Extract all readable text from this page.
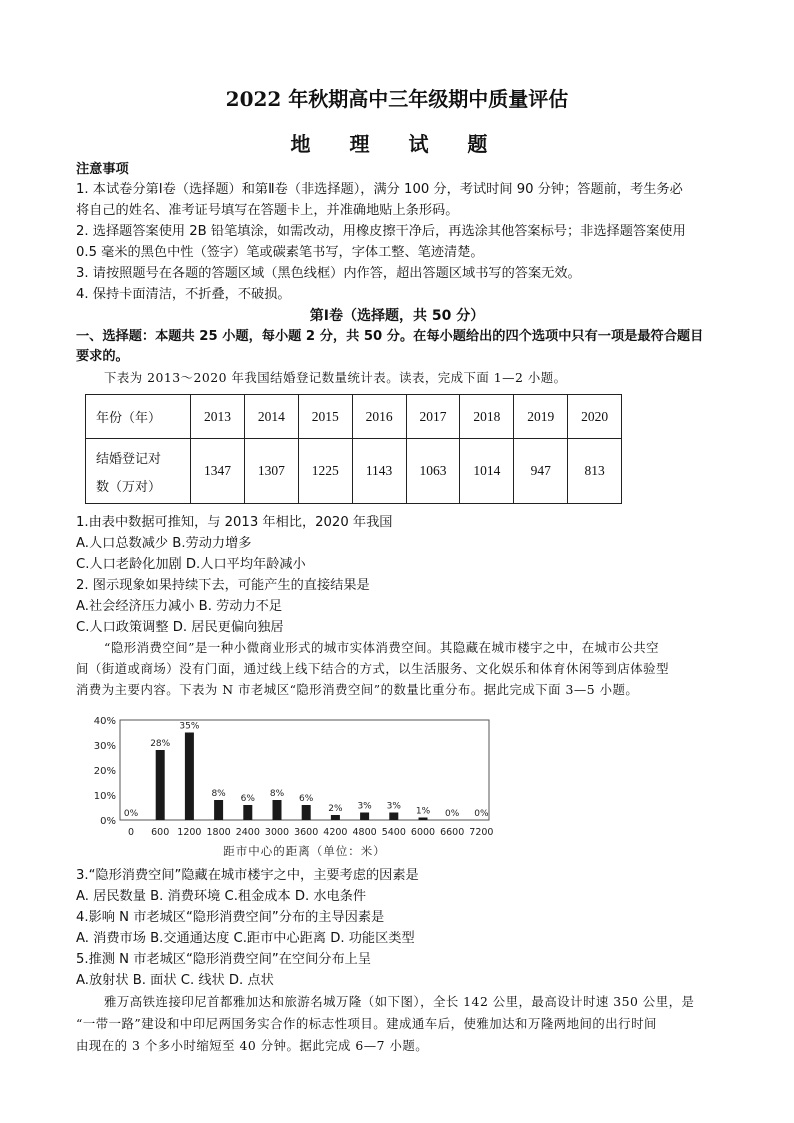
2022 年秋期高中三年级期中质量评估
地 理 试 题
注意事项
1. 本试卷分第Ⅰ卷（选择题）和第Ⅱ卷（非选择题），满分 100 分，考试时间 90 分钟；答题前，考生务必
将自己的姓名、准考证号填写在答题卡上，并准确地贴上条形码。
2. 选择题答案使用 2B 铅笔填涂，如需改动，用橡皮擦干净后，再选涂其他答案标号；非选择题答案使用
0.5 毫米的黑色中性（签字）笔或碳素笔书写，字体工整、笔迹清楚。
3. 请按照题号在各题的答题区域（黑色线框）内作答，超出答题区域书写的答案无效。
4. 保持卡面清洁，不折叠，不破损。
第Ⅰ卷（选择题，共 50 分）
一、选择题：本题共 25 小题，每小题 2 分，共 50 分。在每小题给出的四个选项中只有一项是最符合题目
要求的。
下表为 2013～2020 年我国结婚登记数量统计表。读表，完成下面 1—2 小题。
年份（年）	2013	2014	2015	2016	2017	2018	2019	2020

结婚登记对
数（万对）	1347	1307	1225	1143	1063	1014	947	813
1.由表中数据可推知，与 2013 年相比，2020 年我国
A.人口总数减少 B.劳动力增多
C.人口老龄化加剧 D.人口平均年龄减小
2. 图示现象如果持续下去，可能产生的直接结果是
A.社会经济压力减小 B. 劳动力不足
C.人口政策调整 D. 居民更偏向独居
“隐形消费空间”是一种小微商业形式的城市实体消费空间。其隐藏在城市楼宇之中，在城市公共空
间（街道或商场）没有门面，通过线上线下结合的方式，以生活服务、文化娱乐和体育休闲等到店体验型
消费为主要内容。下表为 N 市老城区“隐形消费空间”的数量比重分布。据此完成下面 3—5 小题。
0%
10%
20%
30%
40%
0%
0
28%
600
35%
1200
8%
1800
6%
2400
8%
3000
6%
3600
2%
4200
3%
4800
3%
5400
1%
6000
0%
6600
0%
7200
距市中心的距离（单位：米）
3.“隐形消费空间”隐藏在城市楼宇之中，主要考虑的因素是
A. 居民数量 B. 消费环境 C.租金成本 D. 水电条件
4.影响 N 市老城区“隐形消费空间”分布的主导因素是
A. 消费市场 B.交通通达度 C.距市中心距离 D. 功能区类型
5.推测 N 市老城区“隐形消费空间”在空间分布上呈
A.放射状 B. 面状 C. 线状 D. 点状
雅万高铁连接印尼首都雅加达和旅游名城万隆（如下图），全长 142 公里，最高设计时速 350 公里，是
“一带一路”建设和中印尼两国务实合作的标志性项目。建成通车后，使雅加达和万隆两地间的出行时间
由现在的 3 个多小时缩短至 40 分钟。据此完成 6—7 小题。
